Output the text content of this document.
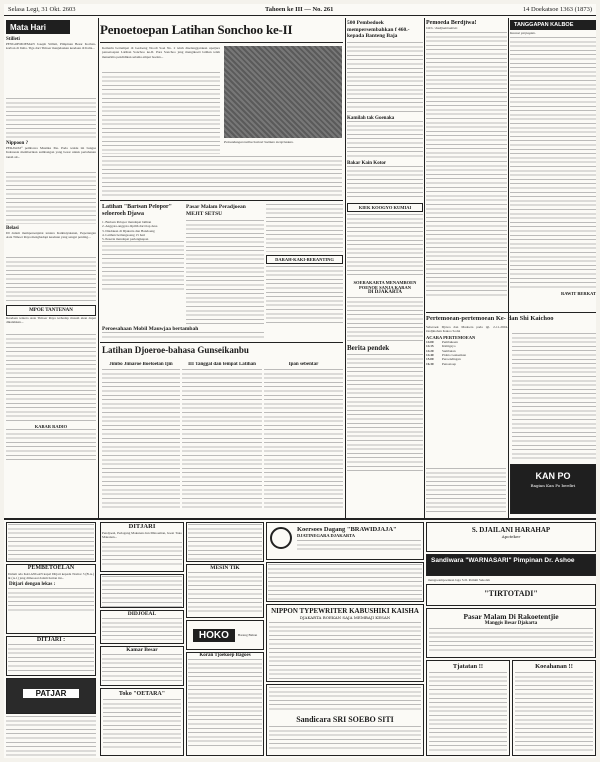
Selasa Legi, 31 Okt. 2603	Tahoen ke III — No. 261	14 Doekatsoe 1363 (1873)
Mata Hari
Stilleti
PENGOEMOEMAN Joseph Stilleti, Pimpinan Besar Korban-korban di Italia. Tiga dari Timoer menjelaskan keadaan di Italia...
Nippoon ?
PERAWAT³ pembawa Mustika Ibu. Pada waktu ini bangsa Indonesia memberikan sumbangan yang besar untuk pertahanan tanah air...
Belasi
DI dalam mempersenjatai tentara Kaikisiyakanai, Peperangan Asia Timoer Raya menghadapi keadaan yang sangat penting...
MPOE TANTENAN
Keadaan tentera Asia Timoer Raya terhadap musuh akan dapat dikalahkan...
KABAR RADIO
Penoetoepan Latihan Sonchoo ke-II
Kemarin bertempat di Gedoeng Noodi Soei No. 2 telah diselenggarakan upatjara penoetoepan Latihan Sonchoo ke-II. Para Sonchoo jang mengikoeti latihan telah menerima pendidikan selama empat boelan...
Pemandangan ketika Soetoet Soetkan menjelaskan.
Latihan "Barisan Pelopor" seloeroeh Djawa
1. Barisan Pelopor mendapat latihan
2. Anggota-anggota dipilih dari tiap desa
3. Diadakan di Djakarta dan Bandoeng
4. Latihan berlangsoeng 15 hari
5. Peserta mendapat perlengkapan
Pasar Malam Peradjoean MEJIT SETSU
DARAH-KAKI-BERANTING
Peroesahaan Mobil Mauwjaa bertambah
Latihan Djoeroe-bahasa Gunseikanbu
Jimbo Jimaroe Boetoelan Ijin	III Tanggal dan tempat Latihan	Ipan sebentar
500 Pembedoek mempersembahkan f 460.- kepada Banteng Baja
Kamilah tak Goenaka
Bakar Kain Kotor
KIEK KOOGYO KUMIAI
SOERAKARTA MENAMBOEN POENOE SANJA KARAN
DI DJAKARTA
Berita pendek
Pemoeda Berdjiwa!
Oleh : Kadjiaminatisto	TANGGAPAN KALBOE
Kaosoe perpagian.
RAWIT BERKAT
Pertemoean-pertemoean Ke- dan Shi Kaichoo
Seberoek Djawa dan Madoera pada tgl. 2-11-2604. Oedjinohan Kakoo Sodai
ACARA PERTEMOEAN
14.00	Pembukaan
14.15	Kimigayo
14.20	Sambutan
14.40	Pidato Gunseikan
15.00	Peroendingan
16.30	Penoetoep
KAN PO
Bagian Kan Po berdiri
PEMBETOELAN
Dalam ada KALANGAN kapal Ditjari kepada Nomor 3 (B.A.) & (A.1) jang dimaoeat dalam harian ini...
Ditjari dengan lekas :
DITJARI :
PATJAR
DITJARI
Pendjoeal, Pedagang Makanan dan Minoeman, boeat Toko Makanan...
DIDJOEAL
Kamar Besar
Toko "OETARA"
MESIN TIK
HOKO	Barang Bahan
Koran Tjoekoep Bagoes
Koersoes Dagang "BRAWIDJAJA"
DJATINEGARA DJAKARTA
NIPPON TYPEWRITER KABUSHIKI KAISHA
DJAKARTA BOEKAN SAJA MEMBAJI KESAN
Sandicara SRI SOEBO SITI
S. DJAILANI HARAHAP
Apoteker
Sandiwara "WARNASARI" Pimpinan Dr. Ashoe
mengoeampoenkan laga S.D. Pemim Sekolah
"TIRTOTADI"
Pasar Malam Di Rakoetentjie
Manggis Besar Djakarta
Tjatatan !!	Koeahanan !!
